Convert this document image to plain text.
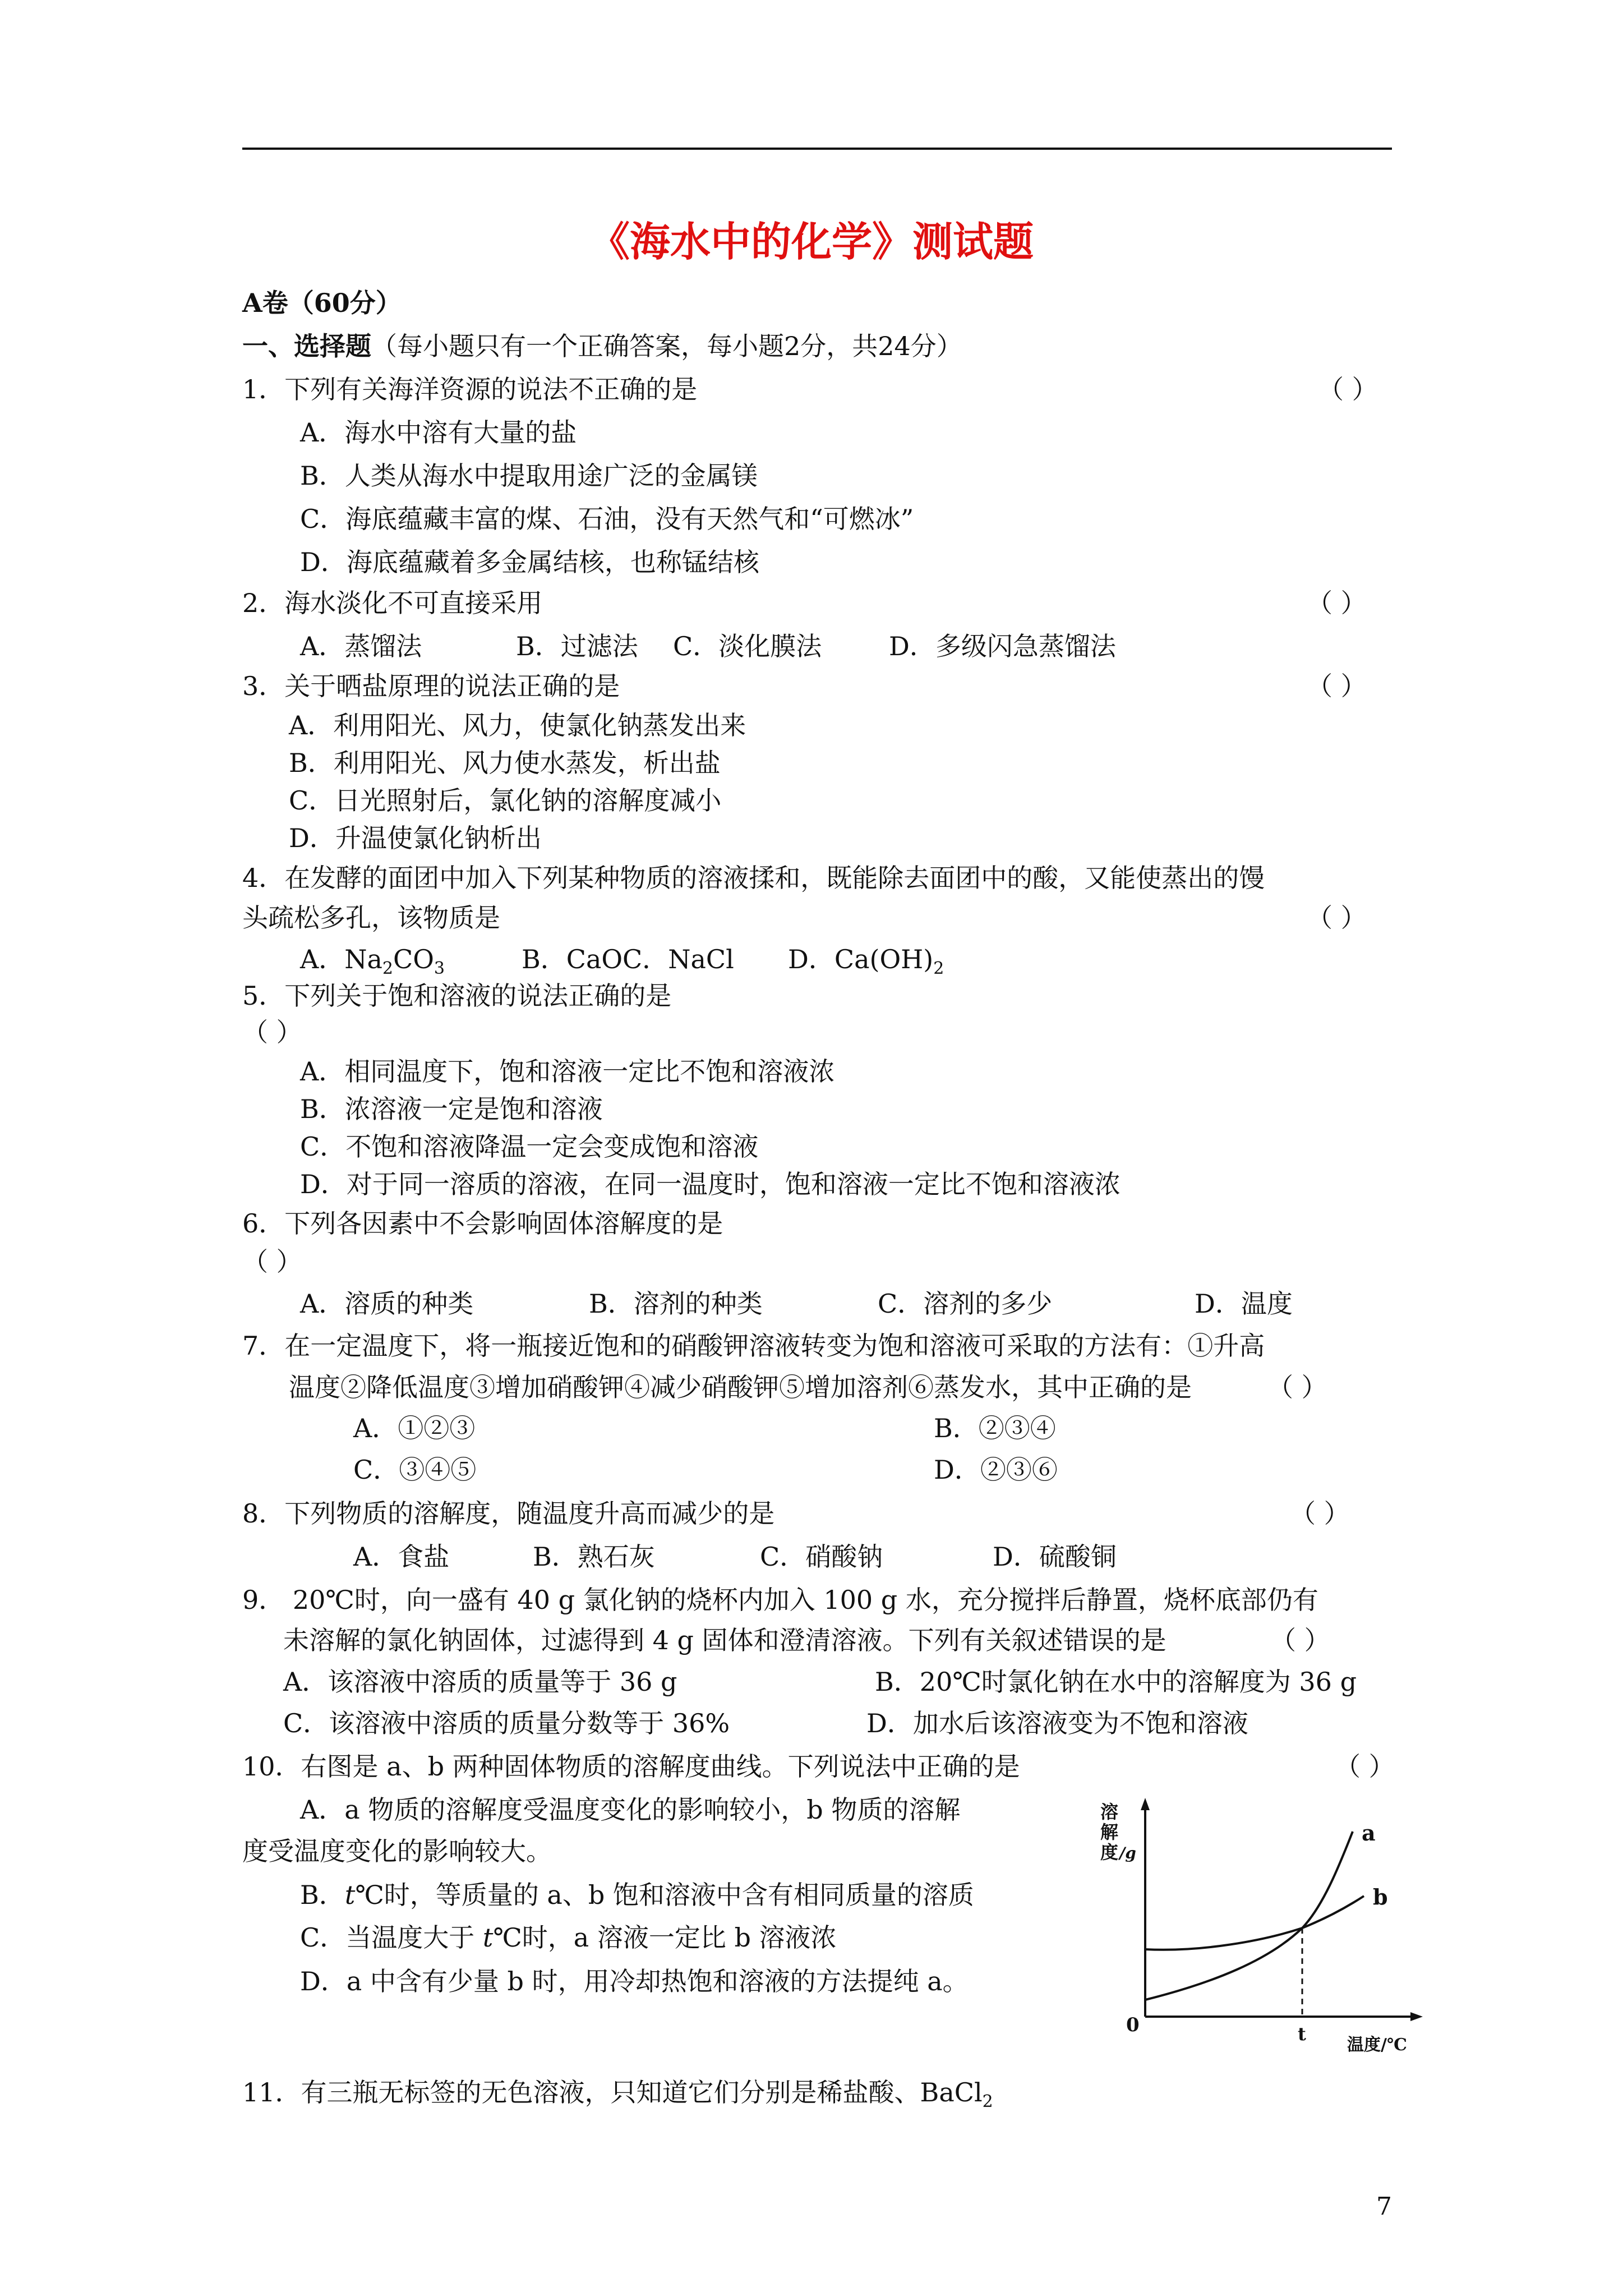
《海水中的化学》测试题
A卷（60分）
一、选择题（每小题只有一个正确答案，每小题2分，共24分）
1．下列有关海洋资源的说法不正确的是	（ ）
A．海水中溶有大量的盐
B．人类从海水中提取用途广泛的金属镁
C．海底蕴藏丰富的煤、石油，没有天然气和“可燃冰”
D．海底蕴藏着多金属结核，也称锰结核
2．海水淡化不可直接采用	（ ）
A．蒸馏法	B．过滤法 C．淡化膜法	D．多级闪急蒸馏法
3．关于晒盐原理的说法正确的是	（ ）
A．利用阳光、风力，使氯化钠蒸发出来
B．利用阳光、风力使水蒸发，析出盐
C．日光照射后，氯化钠的溶解度减小
D．升温使氯化钠析出
4．在发酵的面团中加入下列某种物质的溶液揉和，既能除去面团中的酸，又能使蒸出的馒
头疏松多孔，该物质是	（ ）
A．$Na_2CO_3$	B．CaO C．NaCl D．$Ca(OH)_2$
5．下列关于饱和溶液的说法正确的是
（ ）
A．相同温度下，饱和溶液一定比不饱和溶液浓
B．浓溶液一定是饱和溶液
C．不饱和溶液降温一定会变成饱和溶液
D．对于同一溶质的溶液，在同一温度时，饱和溶液一定比不饱和溶液浓
6．下列各因素中不会影响固体溶解度的是
（ ）
A．溶质的种类	B．溶剂的种类	C．溶剂的多少	D．温度
7．在一定温度下，将一瓶接近饱和的硝酸钾溶液转变为饱和溶液可采取的方法有：①升高
温度②降低温度③增加硝酸钾④减少硝酸钾⑤增加溶剂⑥蒸发水，其中正确的是	（ ）
A．①②③	B．②③④
C．③④⑤	D．②③⑥
8．下列物质的溶解度，随温度升高而减少的是	（ ）
A．食盐	B．熟石灰	C．硝酸钠	D．硫酸铜
9． 20℃时，向一盛有 40 g 氯化钠的烧杯内加入 100 g 水，充分搅拌后静置，烧杯底部仍有
未溶解的氯化钠固体，过滤得到 4 g 固体和澄清溶液。下列有关叙述错误的是	（ ）
A．该溶液中溶质的质量等于 36 g	B．20℃时氯化钠在水中的溶解度为 36 g
C．该溶液中溶质的质量分数等于 36%	D．加水后该溶液变为不饱和溶液
10．右图是 a、b 两种固体物质的溶解度曲线。下列说法中正确的是	（ ）
A．a 物质的溶解度受温度变化的影响较小，b 物质的溶解
度受温度变化的影响较大。
B．t℃时，等质量的 a、b 饱和溶液中含有相同质量的溶质
C．当温度大于 t℃时，a 溶液一定比 b 溶液浓
D．a 中含有少量 b 时，用冷却热饱和溶液的方法提纯 a。
溶
解
度 /g
a
b
0	t
温度/℃
11．有三瓶无标签的无色溶液，只知道它们分别是稀盐酸、BaCl$_2$
7
